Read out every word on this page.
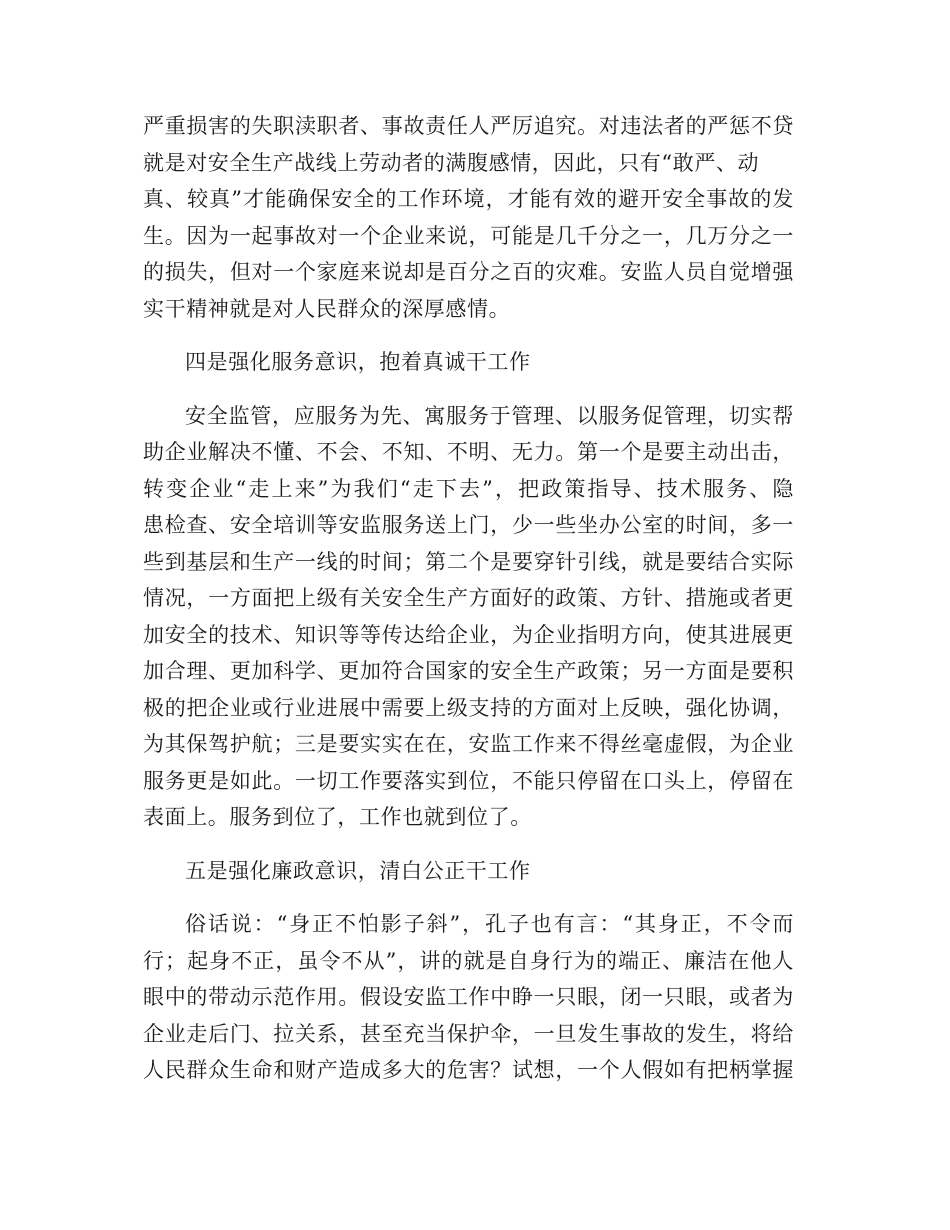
严重损害的失职渎职者、事故责任人严厉追究。对违法者的严惩不贷
就是对安全生产战线上劳动者的满腹感情，因此，只有“敢严、动
真、较真”才能确保安全的工作环境，才能有效的避开安全事故的发
生。因为一起事故对一个企业来说，可能是几千分之一，几万分之一
的损失，但对一个家庭来说却是百分之百的灾难。安监人员自觉增强
实干精神就是对人民群众的深厚感情。
四是强化服务意识，抱着真诚干工作
安全监管，应服务为先、寓服务于管理、以服务促管理，切实帮
助企业解决不懂、不会、不知、不明、无力。第一个是要主动出击，
转变企业“走上来”为我们“走下去”，把政策指导、技术服务、隐
患检查、安全培训等安监服务送上门，少一些坐办公室的时间，多一
些到基层和生产一线的时间；第二个是要穿针引线，就是要结合实际
情况，一方面把上级有关安全生产方面好的政策、方针、措施或者更
加安全的技术、知识等等传达给企业，为企业指明方向，使其进展更
加合理、更加科学、更加符合国家的安全生产政策；另一方面是要积
极的把企业或行业进展中需要上级支持的方面对上反映，强化协调，
为其保驾护航；三是要实实在在，安监工作来不得丝毫虚假，为企业
服务更是如此。一切工作要落实到位，不能只停留在口头上，停留在
表面上。服务到位了，工作也就到位了。
五是强化廉政意识，清白公正干工作
俗话说：“身正不怕影子斜”，孔子也有言：“其身正，不令而
行；起身不正，虽令不从”，讲的就是自身行为的端正、廉洁在他人
眼中的带动示范作用。假设安监工作中睁一只眼，闭一只眼，或者为
企业走后门、拉关系，甚至充当保护伞，一旦发生事故的发生，将给
人民群众生命和财产造成多大的危害？试想，一个人假如有把柄掌握
